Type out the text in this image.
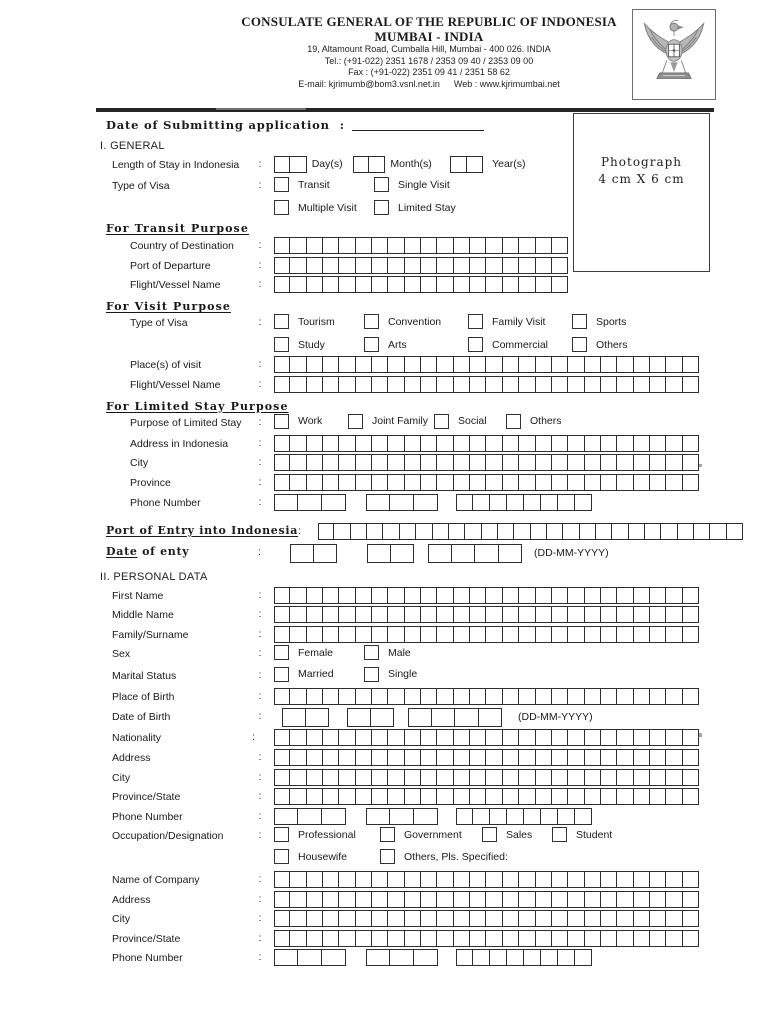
CONSULATE GENERAL OF THE REPUBLIC OF INDONESIA
MUMBAI - INDIA
19, Altamount Road, Cumballa Hill, Mumbai - 400 026. INDIA
Tel.: (+91-022) 2351 1678 / 2353 09 40 / 2353 09 00
Fax : (+91-022) 2351 09 41 / 2351 58 62
E-mail: kjrimumb@bom3.vsnl.net.in Web : www.kjrimumbai.net
Photograph
4 cm X 6 cm
Date of Submitting application :
I. GENERAL
Length of Stay in Indonesia :	Day(s)	Month(s)	Year(s)
Type of Visa :	Transit	Single Visit
Multiple Visit	Limited Stay
For Transit Purpose
Country of Destination
:
Port of Departure
:
Flight/Vessel Name
:
For Visit Purpose
Type of Visa :	Tourism	Convention	Family Visit	Sports
Study	Arts	Commercial	Others
Place(s) of visit
:
Flight/Vessel Name
:
For Limited Stay Purpose
Purpose of Limited Stay :	Work	Joint Family	Social	Others
Address in Indonesia
:
City
:
Province
:
Phone Number
:
Port of Entry into Indonesia
:
Date of enty :	(DD-MM-YYYY)
II. PERSONAL DATA
First Name
:
Middle Name
:
Family/Surname
:
Sex :	Female	Male
Marital Status :	Married	Single
Place of Birth
:
Date of Birth :	(DD-MM-YYYY)
Nationality
:
Address
:
City
:
Province/State
:
Phone Number
:
Occupation/Designation :	Professional	Government	Sales	Student
Housewife	Others, Pls. Specified:
Name of Company
:
Address
:
City
:
Province/State
:
Phone Number
:
